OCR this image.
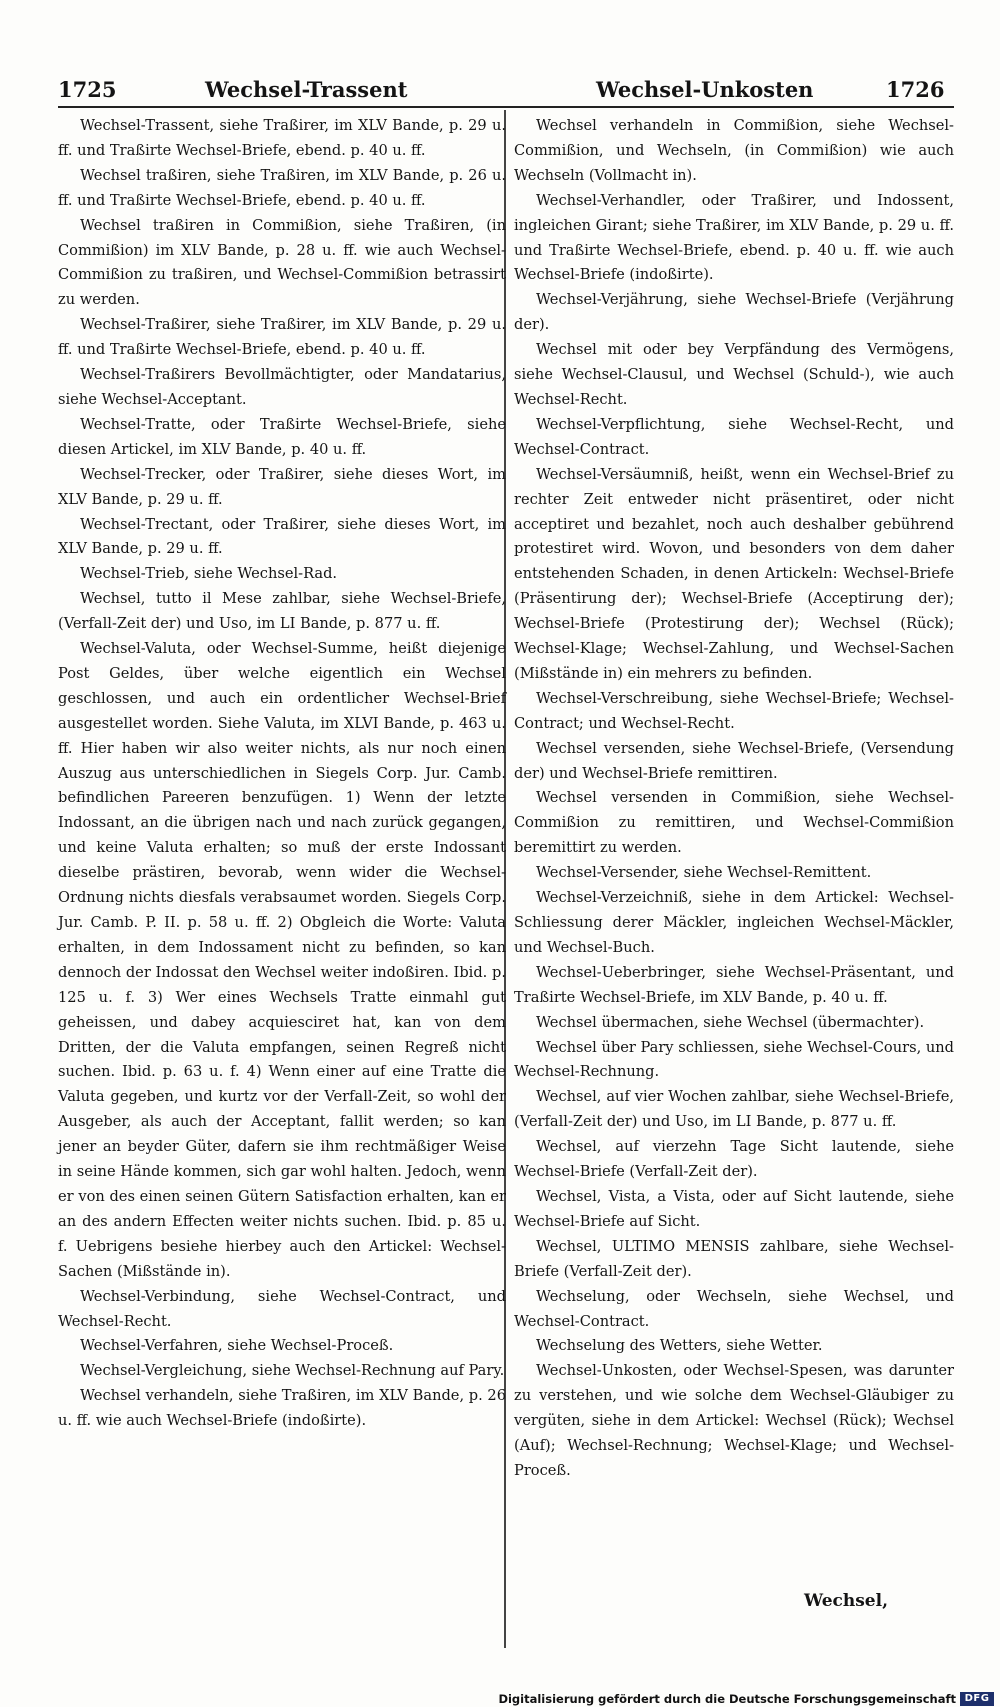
1725	Wechsel-Trassent	Wechsel-Unkosten	1726

Wechsel-Trassent, siehe Traßirer, im XLV Bande, p. 29 u. ff. und Traßirte Wechsel-Briefe, ebend. p. 40 u. ff.

Wechsel traßiren, siehe Traßiren, im XLV Bande, p. 26 u. ff. und Traßirte Wechsel-Briefe, ebend. p. 40 u. ff.

Wechsel traßiren in Commißion, siehe Traßiren, (in Commißion) im XLV Bande, p. 28 u. ff. wie auch Wechsel-Commißion zu traßiren, und Wechsel-Commißion betrassirt zu werden.

Wechsel-Traßirer, siehe Traßirer, im XLV Bande, p. 29 u. ff. und Traßirte Wechsel-Briefe, ebend. p. 40 u. ff.

Wechsel-Traßirers Bevollmächtigter, oder Mandatarius, siehe Wechsel-Acceptant.

Wechsel-Tratte, oder Traßirte Wechsel-Briefe, siehe diesen Artickel, im XLV Bande, p. 40 u. ff.

Wechsel-Trecker, oder Traßirer, siehe dieses Wort, im XLV Bande, p. 29 u. ff.

Wechsel-Trectant, oder Traßirer, siehe dieses Wort, im XLV Bande, p. 29 u. ff.

Wechsel-Trieb, siehe Wechsel-Rad.

Wechsel, tutto il Mese zahlbar, siehe Wechsel-Briefe, (Verfall-Zeit der) und Uso, im LI Bande, p. 877 u. ff.

Wechsel-Valuta, oder Wechsel-Summe, heißt diejenige Post Geldes, über welche eigentlich ein Wechsel geschlossen, und auch ein ordentlicher Wechsel-Brief ausgestellet worden. Siehe Valuta, im XLVI Bande, p. 463 u. ff. Hier haben wir also weiter nichts, als nur noch einen Auszug aus unterschiedlichen in Siegels Corp. Jur. Camb. befindlichen Pareeren benzufügen. 1) Wenn der letzte Indossant, an die übrigen nach und nach zurück gegangen, und keine Valuta erhalten; so muß der erste Indossant dieselbe prästiren, bevorab, wenn wider die Wechsel-Ordnung nichts diesfals verabsaumet worden. Siegels Corp. Jur. Camb. P. II. p. 58 u. ff. 2) Obgleich die Worte: Valuta erhalten, in dem Indossament nicht zu befinden, so kan dennoch der Indossat den Wechsel weiter indoßiren. Ibid. p. 125 u. f. 3) Wer eines Wechsels Tratte einmahl gut geheissen, und dabey acquiesciret hat, kan von dem Dritten, der die Valuta empfangen, seinen Regreß nicht suchen. Ibid. p. 63 u. f. 4) Wenn einer auf eine Tratte die Valuta gegeben, und kurtz vor der Verfall-Zeit, so wohl der Ausgeber, als auch der Acceptant, fallit werden; so kan jener an beyder Güter, dafern sie ihm rechtmäßiger Weise in seine Hände kommen, sich gar wohl halten. Jedoch, wenn er von des einen seinen Gütern Satisfaction erhalten, kan er an des andern Effecten weiter nichts suchen. Ibid. p. 85 u. f. Uebrigens besiehe hierbey auch den Artickel: Wechsel-Sachen (Mißstände in).

Wechsel-Verbindung, siehe Wechsel-Contract, und Wechsel-Recht.

Wechsel-Verfahren, siehe Wechsel-Proceß.

Wechsel-Vergleichung, siehe Wechsel-Rechnung auf Pary.

Wechsel verhandeln, siehe Traßiren, im XLV Bande, p. 26 u. ff. wie auch Wechsel-Briefe (indoßirte).

Wechsel verhandeln in Commißion, siehe Wechsel-Commißion, und Wechseln, (in Commißion) wie auch Wechseln (Vollmacht in).

Wechsel-Verhandler, oder Traßirer, und Indossent, ingleichen Girant; siehe Traßirer, im XLV Bande, p. 29 u. ff. und Traßirte Wechsel-Briefe, ebend. p. 40 u. ff. wie auch Wechsel-Briefe (indoßirte).

Wechsel-Verjährung, siehe Wechsel-Briefe (Verjährung der).

Wechsel mit oder bey Verpfändung des Vermögens, siehe Wechsel-Clausul, und Wechsel (Schuld-), wie auch Wechsel-Recht.

Wechsel-Verpflichtung, siehe Wechsel-Recht, und Wechsel-Contract.

Wechsel-Versäumniß, heißt, wenn ein Wechsel-Brief zu rechter Zeit entweder nicht präsentiret, oder nicht acceptiret und bezahlet, noch auch deshalber gebührend protestiret wird. Wovon, und besonders von dem daher entstehenden Schaden, in denen Artickeln: Wechsel-Briefe (Präsentirung der); Wechsel-Briefe (Acceptirung der); Wechsel-Briefe (Protestirung der); Wechsel (Rück); Wechsel-Klage; Wechsel-Zahlung, und Wechsel-Sachen (Mißstände in) ein mehrers zu befinden.

Wechsel-Verschreibung, siehe Wechsel-Briefe; Wechsel-Contract; und Wechsel-Recht.

Wechsel versenden, siehe Wechsel-Briefe, (Versendung der) und Wechsel-Briefe remittiren.

Wechsel versenden in Commißion, siehe Wechsel-Commißion zu remittiren, und Wechsel-Commißion beremittirt zu werden.

Wechsel-Versender, siehe Wechsel-Remittent.

Wechsel-Verzeichniß, siehe in dem Artickel: Wechsel-Schliessung derer Mäckler, ingleichen Wechsel-Mäckler, und Wechsel-Buch.

Wechsel-Ueberbringer, siehe Wechsel-Präsentant, und Traßirte Wechsel-Briefe, im XLV Bande, p. 40 u. ff.

Wechsel übermachen, siehe Wechsel (übermachter).

Wechsel über Pary schliessen, siehe Wechsel-Cours, und Wechsel-Rechnung.

Wechsel, auf vier Wochen zahlbar, siehe Wechsel-Briefe, (Verfall-Zeit der) und Uso, im LI Bande, p. 877 u. ff.

Wechsel, auf vierzehn Tage Sicht lautende, siehe Wechsel-Briefe (Verfall-Zeit der).

Wechsel, Vista, a Vista, oder auf Sicht lautende, siehe Wechsel-Briefe auf Sicht.

Wechsel, ULTIMO MENSIS zahlbare, siehe Wechsel-Briefe (Verfall-Zeit der).

Wechselung, oder Wechseln, siehe Wechsel, und Wechsel-Contract.

Wechselung des Wetters, siehe Wetter.

Wechsel-Unkosten, oder Wechsel-Spesen, was darunter zu verstehen, und wie solche dem Wechsel-Gläubiger zu vergüten, siehe in dem Artickel: Wechsel (Rück); Wechsel (Auf); Wechsel-Rechnung; Wechsel-Klage; und Wechsel-Proceß.

Wechsel,
Digitalisierung gefördert durch die Deutsche Forschungsgemeinschaft DFG
